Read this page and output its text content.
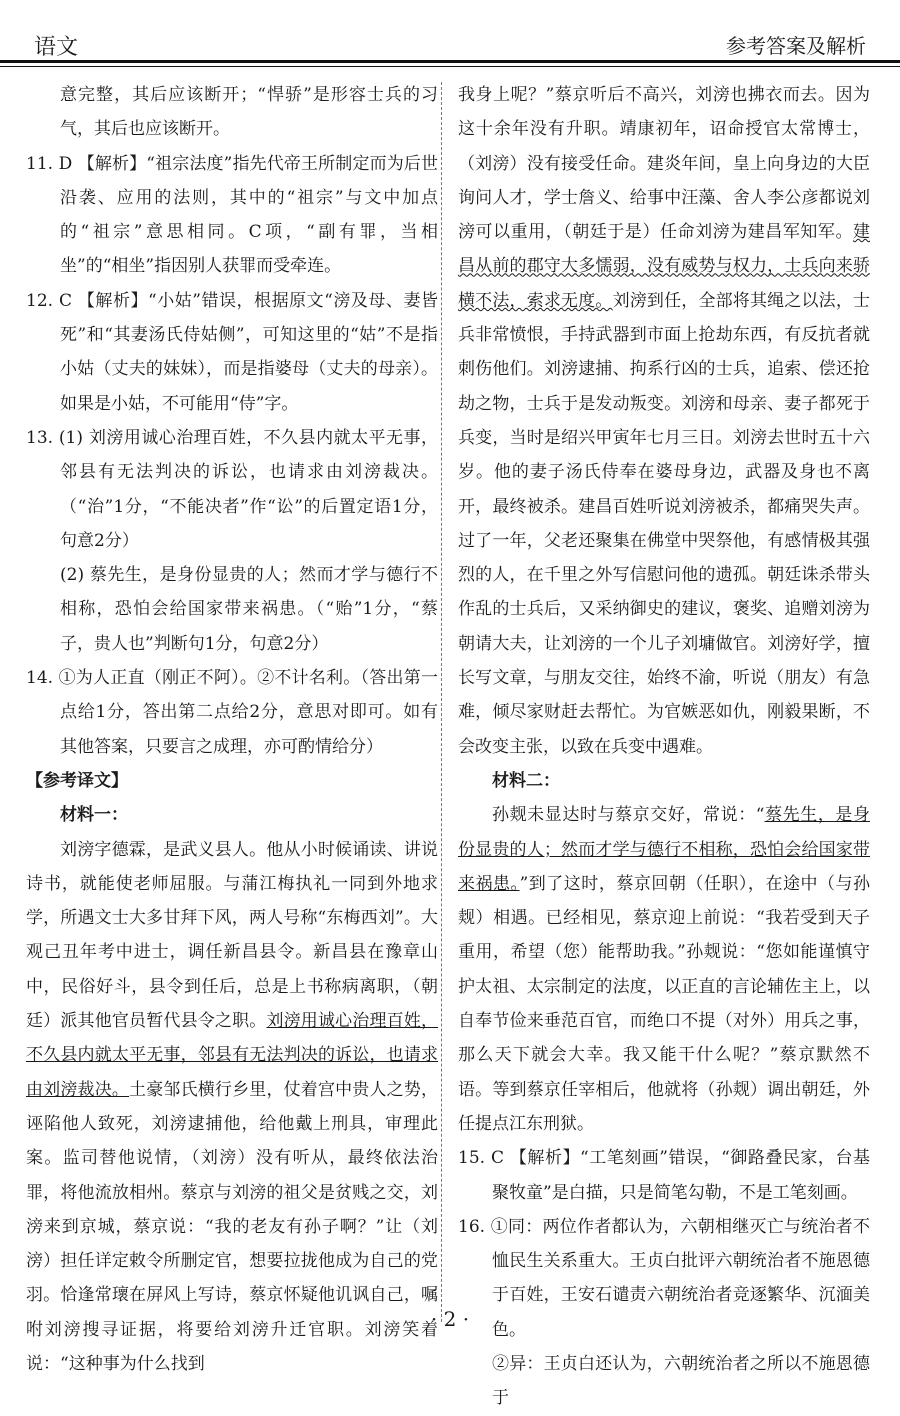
语文	参考答案及解析

意完整，其后应该断开；“悍骄”是形容士兵的习气，其后也应该断开。

11. D 【解析】“祖宗法度”指先代帝王所制定而为后世沿袭、应用的法则，其中的“祖宗”与文中加点的“祖宗”意思相同。C项，“副有罪，当相坐”的“相坐”指因别人获罪而受牵连。

12. C 【解析】“小姑”错误，根据原文“滂及母、妻皆死”和“其妻汤氏侍姑侧”，可知这里的“姑”不是指小姑（丈夫的妹妹），而是指婆母（丈夫的母亲）。如果是小姑，不可能用“侍”字。

13. (1) 刘滂用诚心治理百姓，不久县内就太平无事，邻县有无法判决的诉讼，也请求由刘滂裁决。（“治”1分，“不能决者”作“讼”的后置定语1分，句意2分）

(2) 蔡先生，是身份显贵的人；然而才学与德行不相称，恐怕会给国家带来祸患。（“贻”1分，“蔡子，贵人也”判断句1分，句意2分）

14. ①为人正直（刚正不阿）。②不计名利。（答出第一点给1分，答出第二点给2分，意思对即可。如有其他答案，只要言之成理，亦可酌情给分）

【参考译文】

材料一：

刘滂字德霖，是武义县人。他从小时候诵读、讲说诗书，就能使老师屈服。与蒲江梅执礼一同到外地求学，所遇文士大多甘拜下风，两人号称“东梅西刘”。大观己丑年考中进士，调任新昌县令。新昌县在豫章山中，民俗好斗，县令到任后，总是上书称病离职，（朝廷）派其他官员暂代县令之职。刘滂用诚心治理百姓，不久县内就太平无事，邻县有无法判决的诉讼，也请求由刘滂裁决。土豪邹氏横行乡里，仗着宫中贵人之势，诬陷他人致死，刘滂逮捕他，给他戴上刑具，审理此案。监司替他说情，（刘滂）没有听从，最终依法治罪，将他流放相州。蔡京与刘滂的祖父是贫贱之交，刘滂来到京城，蔡京说：“我的老友有孙子啊？”让（刘滂）担任详定敕令所删定官，想要拉拢他成为自己的党羽。恰逢常瓌在屏风上写诗，蔡京怀疑他讥讽自己，嘱咐刘滂搜寻证据，将要给刘滂升迁官职。刘滂笑着说：“这种事为什么找到

我身上呢？”蔡京听后不高兴，刘滂也拂衣而去。因为这十余年没有升职。靖康初年，诏命授官太常博士，（刘滂）没有接受任命。建炎年间，皇上向身边的大臣询问人才，学士詹义、给事中汪藻、舍人李公彦都说刘滂可以重用，（朝廷于是）任命刘滂为建昌军知军。建昌从前的郡守大多懦弱，没有威势与权力，士兵向来骄横不法，索求无度。刘滂到任，全部将其绳之以法，士兵非常愤恨，手持武器到市面上抢劫东西，有反抗者就刺伤他们。刘滂逮捕、拘系行凶的士兵，追索、偿还抢劫之物，士兵于是发动叛变。刘滂和母亲、妻子都死于兵变，当时是绍兴甲寅年七月三日。刘滂去世时五十六岁。他的妻子汤氏侍奉在婆母身边，武器及身也不离开，最终被杀。建昌百姓听说刘滂被杀，都痛哭失声。过了一年，父老还聚集在佛堂中哭祭他，有感情极其强烈的人，在千里之外写信慰问他的遗孤。朝廷诛杀带头作乱的士兵后，又采纳御史的建议，褒奖、追赠刘滂为朝请大夫，让刘滂的一个儿子刘墉做官。刘滂好学，擅长写文章，与朋友交往，始终不渝，听说（朋友）有急难，倾尽家财赶去帮忙。为官嫉恶如仇，刚毅果断，不会改变主张，以致在兵变中遇难。

材料二：

孙觌未显达时与蔡京交好，常说：“蔡先生，是身份显贵的人；然而才学与德行不相称，恐怕会给国家带来祸患。”到了这时，蔡京回朝（任职），在途中（与孙觌）相遇。已经相见，蔡京迎上前说：“我若受到天子重用，希望（您）能帮助我。”孙觌说：“您如能谨慎守护太祖、太宗制定的法度，以正直的言论辅佐主上，以自奉节俭来垂范百官，而绝口不提（对外）用兵之事，那么天下就会大幸。我又能干什么呢？”蔡京默然不语。等到蔡京任宰相后，他就将（孙觌）调出朝廷，外任提点江东刑狱。

15. C 【解析】“工笔刻画”错误，“御路叠民家，台基聚牧童”是白描，只是简笔勾勒，不是工笔刻画。

16. ①同：两位作者都认为，六朝相继灭亡与统治者不恤民生关系重大。王贞白批评六朝统治者不施恩德于百姓，王安石谴责六朝统治者竞逐繁华、沉湎美色。

②异：王贞白还认为，六朝统治者之所以不施恩德于

· 2 ·
